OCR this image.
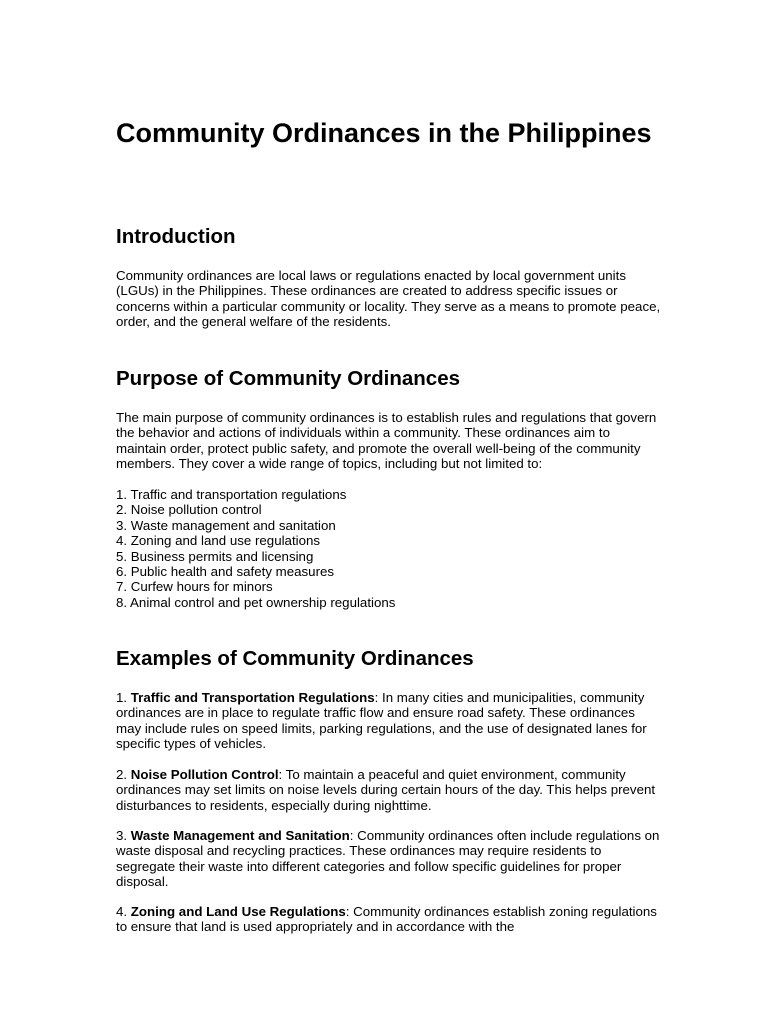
Community Ordinances in the Philippines
Introduction

Community ordinances are local laws or regulations enacted by local government units (LGUs) in the Philippines. These ordinances are created to address specific issues or concerns within a particular community or locality. They serve as a means to promote peace, order, and the general welfare of the residents.

Purpose of Community Ordinances

The main purpose of community ordinances is to establish rules and regulations that govern the behavior and actions of individuals within a community. These ordinances aim to maintain order, protect public safety, and promote the overall well-being of the community members. They cover a wide range of topics, including but not limited to:

1. Traffic and transportation regulations
2. Noise pollution control
3. Waste management and sanitation
4. Zoning and land use regulations
5. Business permits and licensing
6. Public health and safety measures
7. Curfew hours for minors
8. Animal control and pet ownership regulations
Examples of Community Ordinances

1. Traffic and Transportation Regulations: In many cities and municipalities, community ordinances are in place to regulate traffic flow and ensure road safety. These ordinances may include rules on speed limits, parking regulations, and the use of designated lanes for specific types of vehicles.

2. Noise Pollution Control: To maintain a peaceful and quiet environment, community ordinances may set limits on noise levels during certain hours of the day. This helps prevent disturbances to residents, especially during nighttime.

3. Waste Management and Sanitation: Community ordinances often include regulations on waste disposal and recycling practices. These ordinances may require residents to segregate their waste into different categories and follow specific guidelines for proper disposal.

4. Zoning and Land Use Regulations: Community ordinances establish zoning regulations to ensure that land is used appropriately and in accordance with the
